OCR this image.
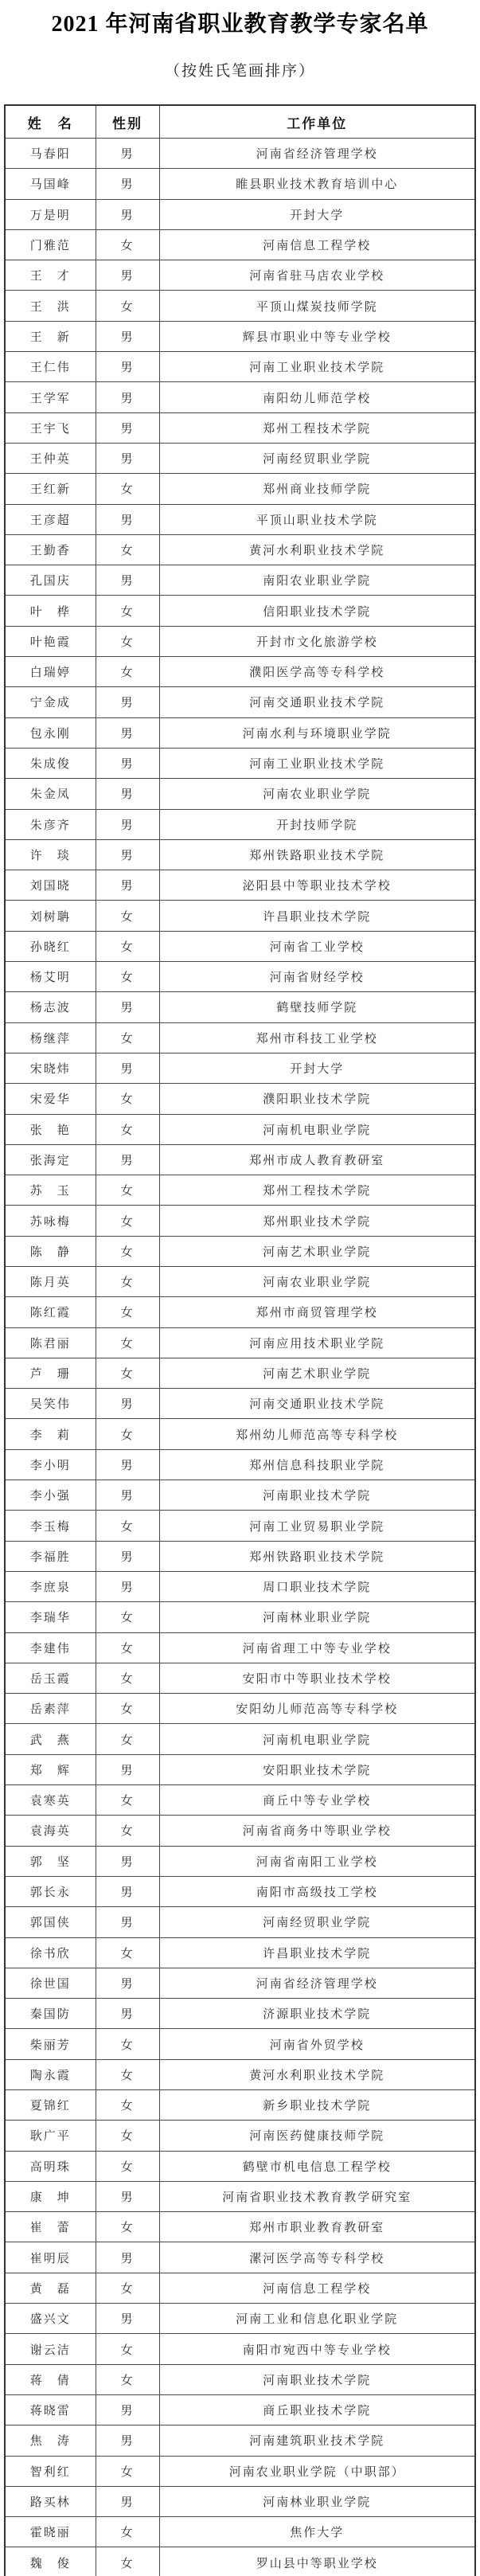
2021 年河南省职业教育教学专家名单
（按姓氏笔画排序）
姓　名	性别	工作单位
马春阳	男	河南省经济管理学校
马国峰	男	睢县职业技术教育培训中心
万是明	男	开封大学
门雅范	女	河南信息工程学校
王　才	男	河南省驻马店农业学校
王　洪	女	平顶山煤炭技师学院
王　新	男	辉县市职业中等专业学校
王仁伟	男	河南工业职业技术学院
王学军	男	南阳幼儿师范学校
王宇飞	男	郑州工程技术学院
王仲英	男	河南经贸职业学院
王红新	女	郑州商业技师学院
王彦超	男	平顶山职业技术学院
王勤香	女	黄河水利职业技术学院
孔国庆	男	南阳农业职业学院
叶　桦	女	信阳职业技术学院
叶艳霞	女	开封市文化旅游学校
白瑞婷	女	濮阳医学高等专科学校
宁金成	男	河南交通职业技术学院
包永刚	男	河南水利与环境职业学院
朱成俊	男	河南工业职业技术学院
朱金凤	男	河南农业职业学院
朱彦齐	男	开封技师学院
许　琰	男	郑州铁路职业技术学院
刘国晓	男	泌阳县中等职业技术学校
刘树聃	女	许昌职业技术学院
孙晓红	女	河南省工业学校
杨艾明	女	河南省财经学校
杨志波	男	鹤壁技师学院
杨继萍	女	郑州市科技工业学校
宋晓炜	男	开封大学
宋爱华	女	濮阳职业技术学院
张　艳	女	河南机电职业学院
张海定	男	郑州市成人教育教研室
苏　玉	女	郑州工程技术学院
苏咏梅	女	郑州职业技术学院
陈　静	女	河南艺术职业学院
陈月英	女	河南农业职业学院
陈红霞	女	郑州市商贸管理学校
陈君丽	女	河南应用技术职业学院
芦　珊	女	河南艺术职业学院
吴笑伟	男	河南交通职业技术学院
李　莉	女	郑州幼儿师范高等专科学校
李小明	男	郑州信息科技职业学院
李小强	男	河南职业技术学院
李玉梅	女	河南工业贸易职业学院
李福胜	男	郑州铁路职业技术学院
李庶泉	男	周口职业技术学院
李瑞华	女	河南林业职业学院
李建伟	女	河南省理工中等专业学校
岳玉霞	女	安阳市中等职业技术学校
岳素萍	女	安阳幼儿师范高等专科学校
武　燕	女	河南机电职业学院
郑　辉	男	安阳职业技术学院
袁寒英	女	商丘中等专业学校
袁海英	女	河南省商务中等职业学校
郭　坚	男	河南省南阳工业学校
郭长永	男	南阳市高级技工学校
郭国侠	男	河南经贸职业学院
徐书欣	女	许昌职业技术学院
徐世国	男	河南省经济管理学校
秦国防	男	济源职业技术学院
柴丽芳	女	河南省外贸学校
陶永霞	女	黄河水利职业技术学院
夏锦红	女	新乡职业技术学院
耿广平	女	河南医药健康技师学院
高明珠	女	鹤壁市机电信息工程学校
康　坤	男	河南省职业技术教育教学研究室
崔　蕾	女	郑州市职业教育教研室
崔明辰	男	漯河医学高等专科学校
黄　磊	女	河南信息工程学校
盛兴文	男	河南工业和信息化职业学院
谢云洁	女	南阳市宛西中等专业学校
蒋　倩	女	河南职业技术学院
蒋晓雷	男	商丘职业技术学院
焦　涛	男	河南建筑职业技术学院
智利红	女	河南农业职业学院（中职部）
路买林	男	河南林业职业学院
霍晓丽	女	焦作大学
魏　俊	女	罗山县中等职业学校
